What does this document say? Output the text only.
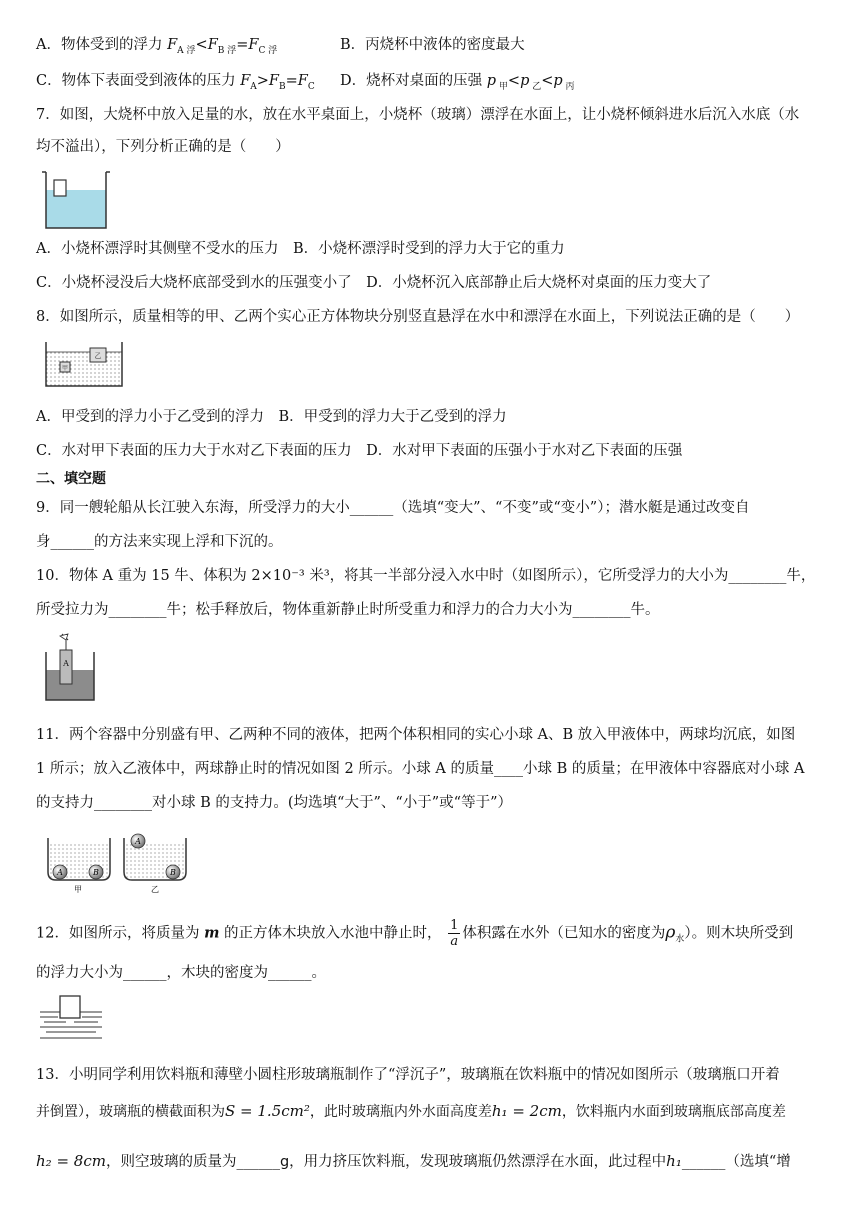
A．物体受到的浮力 $F_{A 浮}<F_{B 浮}=F_{C 浮}$	B．丙烧杯中液体的密度最大
C．物体下表面受到液体的压力 $F_A>F_B=F_C$	D．烧杯对桌面的压强 p $_甲$<p $_乙$<p $_丙$
7．如图，大烧杯中放入足量的水，放在水平桌面上，小烧杯（玻璃）漂浮在水面上，让小烧杯倾斜进水后沉入水底（水
均不溢出），下列分析正确的是（　　）
A．小烧杯漂浮时其侧壁不受水的压力　B．小烧杯漂浮时受到的浮力大于它的重力
C．小烧杯浸没后大烧杯底部受到水的压强变小了　D．小烧杯沉入底部静止后大烧杯对桌面的压力变大了
8．如图所示，质量相等的甲、乙两个实心正方体物块分别竖直悬浮在水中和漂浮在水面上，下列说法正确的是（　　）
甲
乙
A．甲受到的浮力小于乙受到的浮力　B．甲受到的浮力大于乙受到的浮力
C．水对甲下表面的压力大于水对乙下表面的压力　D．水对甲下表面的压强小于水对乙下表面的压强
二、填空题
9．同一艘轮船从长江驶入东海，所受浮力的大小______（选填“变大”、“不变”或“变小”）；潜水艇是通过改变自
身______的方法来实现上浮和下沉的。
10．物体 A 重为 15 牛、体积为 2×10⁻³ 米³，将其一半部分浸入水中时（如图所示），它所受浮力的大小为________牛，
所受拉力为________牛；松手释放后，物体重新静止时所受重力和浮力的合力大小为________牛。
A
11．两个容器中分别盛有甲、乙两种不同的液体，把两个体积相同的实心小球 A、B 放入甲液体中，两球均沉底，如图
1 所示；放入乙液体中，两球静止时的情况如图 2 所示。小球 A 的质量____小球 B 的质量；在甲液体中容器底对小球 A
的支持力________对小球 B 的支持力。(均选填“大于”、“小于”或“等于”）
A	B
甲
A
B
乙
12．如图所示，将质量为 m 的正方体木块放入水池中静止时， $\frac{1}{a}$ 体积露在水外（已知水的密度为$\rho_水$）。则木块所受到
的浮力大小为______，木块的密度为______。
13．小明同学利用饮料瓶和薄壁小圆柱形玻璃瓶制作了“浮沉子”，玻璃瓶在饮料瓶中的情况如图所示（玻璃瓶口开着
并倒置），玻璃瓶的横截面积为S = 1.5cm²，此时玻璃瓶内外水面高度差h₁ = 2cm，饮料瓶内水面到玻璃瓶底部高度差
h₂ = 8cm，则空玻璃的质量为______g，用力挤压饮料瓶，发现玻璃瓶仍然漂浮在水面，此过程中h₁______（选填“增
